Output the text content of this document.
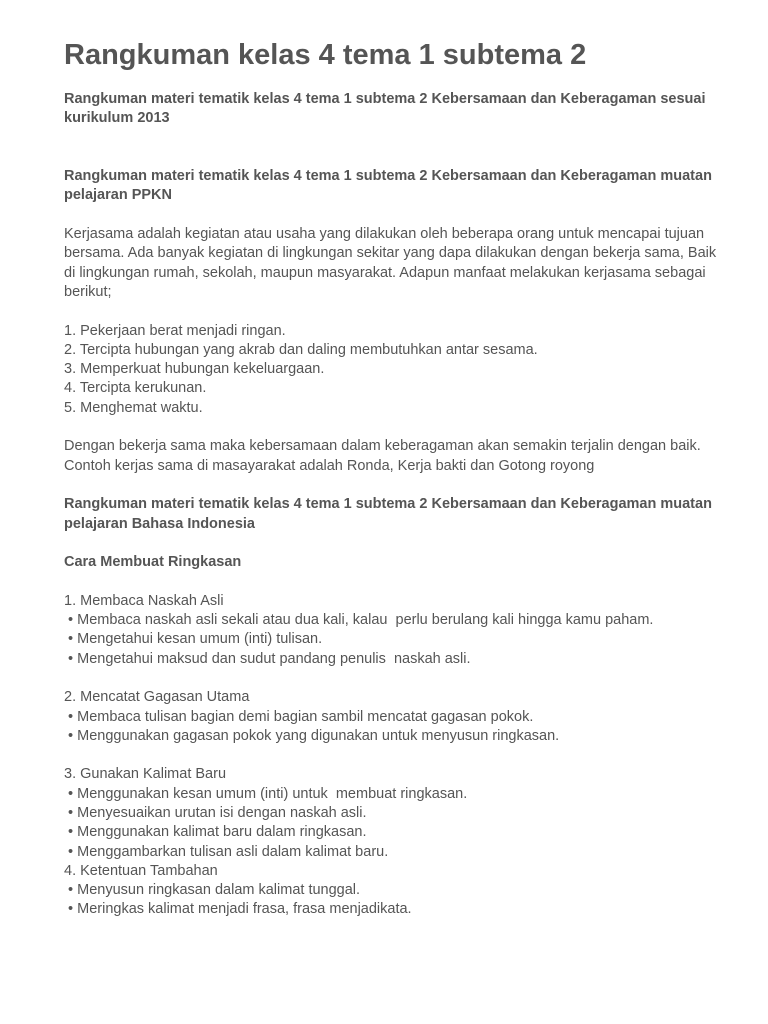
Rangkuman kelas 4 tema 1 subtema 2

Rangkuman materi tematik kelas 4 tema 1 subtema 2 Kebersamaan dan Keberagaman sesuai kurikulum 2013

Rangkuman materi tematik kelas 4 tema 1 subtema 2 Kebersamaan dan Keberagaman muatan pelajaran PPKN

Kerjasama adalah kegiatan atau usaha yang dilakukan oleh beberapa orang untuk mencapai tujuan bersama. Ada banyak kegiatan di lingkungan sekitar yang dapa dilakukan dengan bekerja sama, Baik di lingkungan rumah, sekolah, maupun masyarakat. Adapun manfaat melakukan kerjasama sebagai berikut;

1. Pekerjaan berat menjadi ringan.
2. Tercipta hubungan yang akrab dan daling membutuhkan antar sesama.
3. Memperkuat hubungan kekeluargaan.
4. Tercipta kerukunan.
5. Menghemat waktu.

Dengan bekerja sama maka kebersamaan dalam keberagaman akan semakin terjalin dengan baik. Contoh kerjas sama di masayarakat adalah Ronda, Kerja bakti dan Gotong royong

Rangkuman materi tematik kelas 4 tema 1 subtema 2 Kebersamaan dan Keberagaman muatan pelajaran Bahasa Indonesia

Cara Membuat Ringkasan

1. Membaca Naskah Asli
• Membaca naskah asli sekali atau dua kali, kalau  perlu berulang kali hingga kamu paham.
• Mengetahui kesan umum (inti) tulisan.
• Mengetahui maksud dan sudut pandang penulis  naskah asli.
2. Mencatat Gagasan Utama
• Membaca tulisan bagian demi bagian sambil mencatat gagasan pokok.
• Menggunakan gagasan pokok yang digunakan untuk menyusun ringkasan.
3. Gunakan Kalimat Baru
• Menggunakan kesan umum (inti) untuk  membuat ringkasan.
• Menyesuaikan urutan isi dengan naskah asli.
• Menggunakan kalimat baru dalam ringkasan.
• Menggambarkan tulisan asli dalam kalimat baru.
4. Ketentuan Tambahan
• Menyusun ringkasan dalam kalimat tunggal.
• Meringkas kalimat menjadi frasa, frasa menjadikata.
